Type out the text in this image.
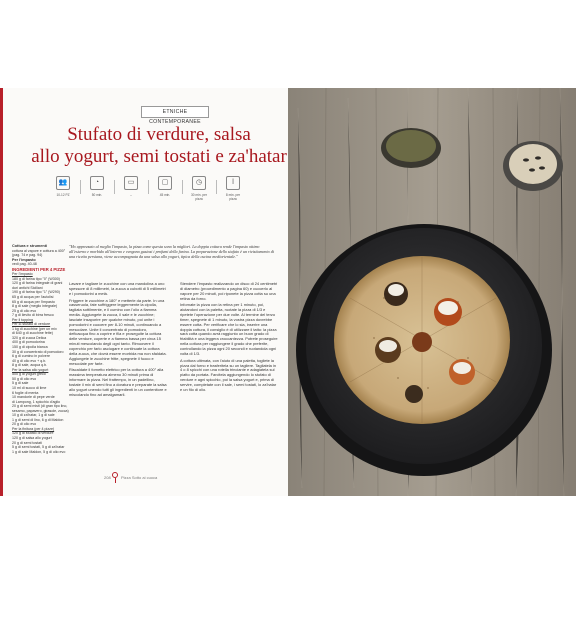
ETNICHE CONTEMPORANEE
Stufato di verdure, salsa
allo yogurt, semi tostati e za'hatar
👥
10-12 PZ
◔
50 min.
▭
--
▢
45 min.
◷
30 min. per pizza
ǀ
8 min. per pizza
Cottura e strumenti
cottura al vapore e cottura a 400°
(pag. 74 e pag. 94)
Per l'impasto
vedi pag. 40-48
INGREDIENTI PER 4 PIZZE
Per l'impasto
180 g di farina tipo "0" (W300)
120 g di farina integrale di grani
duri antichi Siciliani
190 g di farina tipo "1" (W290)
65 g di acqua per l'autolisi
65 g di acqua per l'impasto
8 g di sale (meglio integrale)
25 g di olio evo
7 g di lievito di birra fresco
Per il topping
Per lo stufato di verdure
1 kg di zucchine (per un mix
di 640 g di zucchine fette)
320 g di zucca Delica
400 g di pomodorina
150 g di cipolla bianca
30 g di concentrato di pomodoro
6 g di cumino in polvere
40 g di olio evo + q.b.
8 g di sale, acqua q.b.
Per la salsa allo yogurt
500 g di yogurt greco
50 g di olio evo
5 g di sale
10 ml di succo di lime
6 foglie di menta
10 mandorle di pepe verde
di Lampong, 1 spicchio d'aglio
20 g di semi misti (di gran tipo lino,
sesamo, papavero, girasole, zucca)
10 g di za'hatar, 1 g di sale
1 g di semi di lino, 6 g di Maldon
20 g di olio evo
Per la finitura (per 4 pizze)
120 g di stufato di verdure
120 g di salsa allo yogurt
20 g di semi tostati
5 g di semi tostati, 5 g di za'hatar
1 g di sale Maldon, 5 g di olio evo
"Ho apprezzato al meglio l'impasto, la pizza come questa sono la migliori. La doppia cottura rende l'impasto ottimo all'esterno e morbido all'interno e vengono gustosi i profumi della farina. La preparazione dello stufato è un rivisitamento di una ricetta persiana, viene accompagnata da una salsa allo yogurt, tipica della cucina mediorientale."

Lavare e tagliare le zucchine con una mandolina a uno spessore di 8 millimetri, la zucca a cubotti di 5 millimetri e i pomodorini a metà.

Friggere le zucchine a 180° e metterle da parte. In una casseruola, fate soffriggere leggermente la cipolla, tagliata sottilmente, e il cumino con l'olio a fiamma media. Aggiungete la zucca, il sale e le zucchine; lasciate insaporire per qualche minuto, poi unite i pomodorini e cuocere per 8-10 minuti, continuando a mescolare. Unite il concentrato di pomodoro, deficacqua fino a coprire e fila e proseguite la cottura delle verdure, coperte e a fiamma bassa per circa 15 minuti mescolando degli ogni tanto. Rimuovere il coperchio per farlo asciugare e continuate la cottura della zucca, che dovrà essere morbida ma non sfaldata. Aggiungete le zucchine fritte, spegnete il fuoco e mescolate per farle.

Riscaldate il fornetto elettrico per la cottura a 400° alla massima temperatura almeno 30 minuti prima di informare la pizza. Nel frattempo, in un padellino, tostate il mix di semi fino a doratura e preparate la salsa allo yogurt unendo tutti gli ingredienti in un contenitore e miscolando fino ad amalgamarli.

Stendere l'impasto realizzando un disco di 24 centimetri di diametro (procedimento a pagina 60) e cuocerlo al vapore per 20 minuti, poi riponete la pizza cotta su una retina da forno.

Infornate la pizza con la retina per 1 minuto, poi, aiutandovi con la paletta, ruotate la pizza di 1/3 e ripetete l'operazione per due volte. Al termine del terzo timer, spegnete di 1 minuto, la vostra pizza dovrebbe essere cotta. Per verificare che lo sia, inserire una doppia cottura, il consiglio è di utilizzare il tatto: la pizza sarà cotta quando avrà raggiunto un buon grado di friabilità e una leggera croccantezza. Potrete proseguire nella cottura per raggiungere il grado che preferite, controllando la pizza ogni 20 secondi e ruotandola ogni volta di 1/3.

A cottura ultimata, con l'aiuto di una paletta, togliete la pizza dal forno e trasferitela su un tagliere. Tagliatela in 4 o 8 spicchi con una rotella trinciante e adagiatela sul piatto da portata. Farcitela aggiungendo lo stufato di verdure e agni spicchio, poi la salsa yogurt e, prima di servire, completate con il sale, i semi tostati, lo za'hatar e un filo di olio.

208	Pizza Sotto ai cuoca
